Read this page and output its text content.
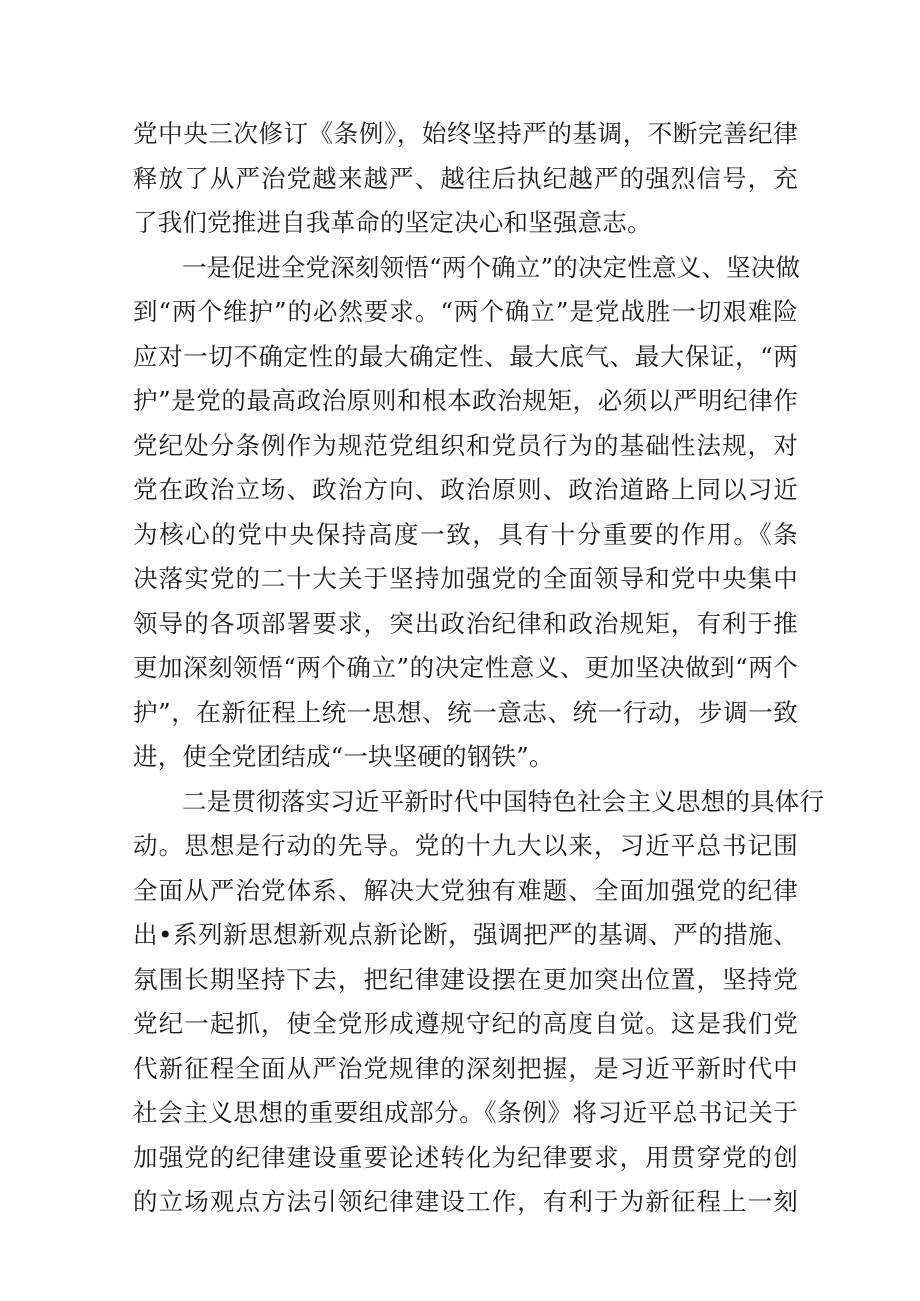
党中央三次修订《条例》，始终坚持严的基调，不断完善纪律
释放了从严治党越来越严、越往后执纪越严的强烈信号，充
了我们党推进自我革命的坚定决心和坚强意志。
一是促进全党深刻领悟“两个确立”的决定性意义、坚决做
到“两个维护”的必然要求。“两个确立”是党战胜一切艰难险
应对一切不确定性的最大确定性、最大底气、最大保证，“两
护”是党的最高政治原则和根本政治规矩，必须以严明纪律作
党纪处分条例作为规范党组织和党员行为的基础性法规，对
党在政治立场、政治方向、政治原则、政治道路上同以习近
为核心的党中央保持高度一致，具有十分重要的作用。《条
决落实党的二十大关于坚持加强党的全面领导和党中央集中
领导的各项部署要求，突出政治纪律和政治规矩，有利于推
更加深刻领悟“两个确立”的决定性意义、更加坚决做到“两个
护”，在新征程上统一思想、统一意志、统一行动，步调一致
进，使全党团结成“一块坚硬的钢铁”。
二是贯彻落实习近平新时代中国特色社会主义思想的具体行
动。思想是行动的先导。党的十九大以来，习近平总书记围
全面从严治党体系、解决大党独有难题、全面加强党的纪律
出•系列新思想新观点新论断，强调把严的基调、严的措施、
氛围长期坚持下去，把纪律建设摆在更加突出位置，坚持党
党纪一起抓，使全党形成遵规守纪的高度自觉。这是我们党
代新征程全面从严治党规律的深刻把握，是习近平新时代中
社会主义思想的重要组成部分。《条例》将习近平总书记关于
加强党的纪律建设重要论述转化为纪律要求，用贯穿党的创
的立场观点方法引领纪律建设工作，有利于为新征程上一刻
